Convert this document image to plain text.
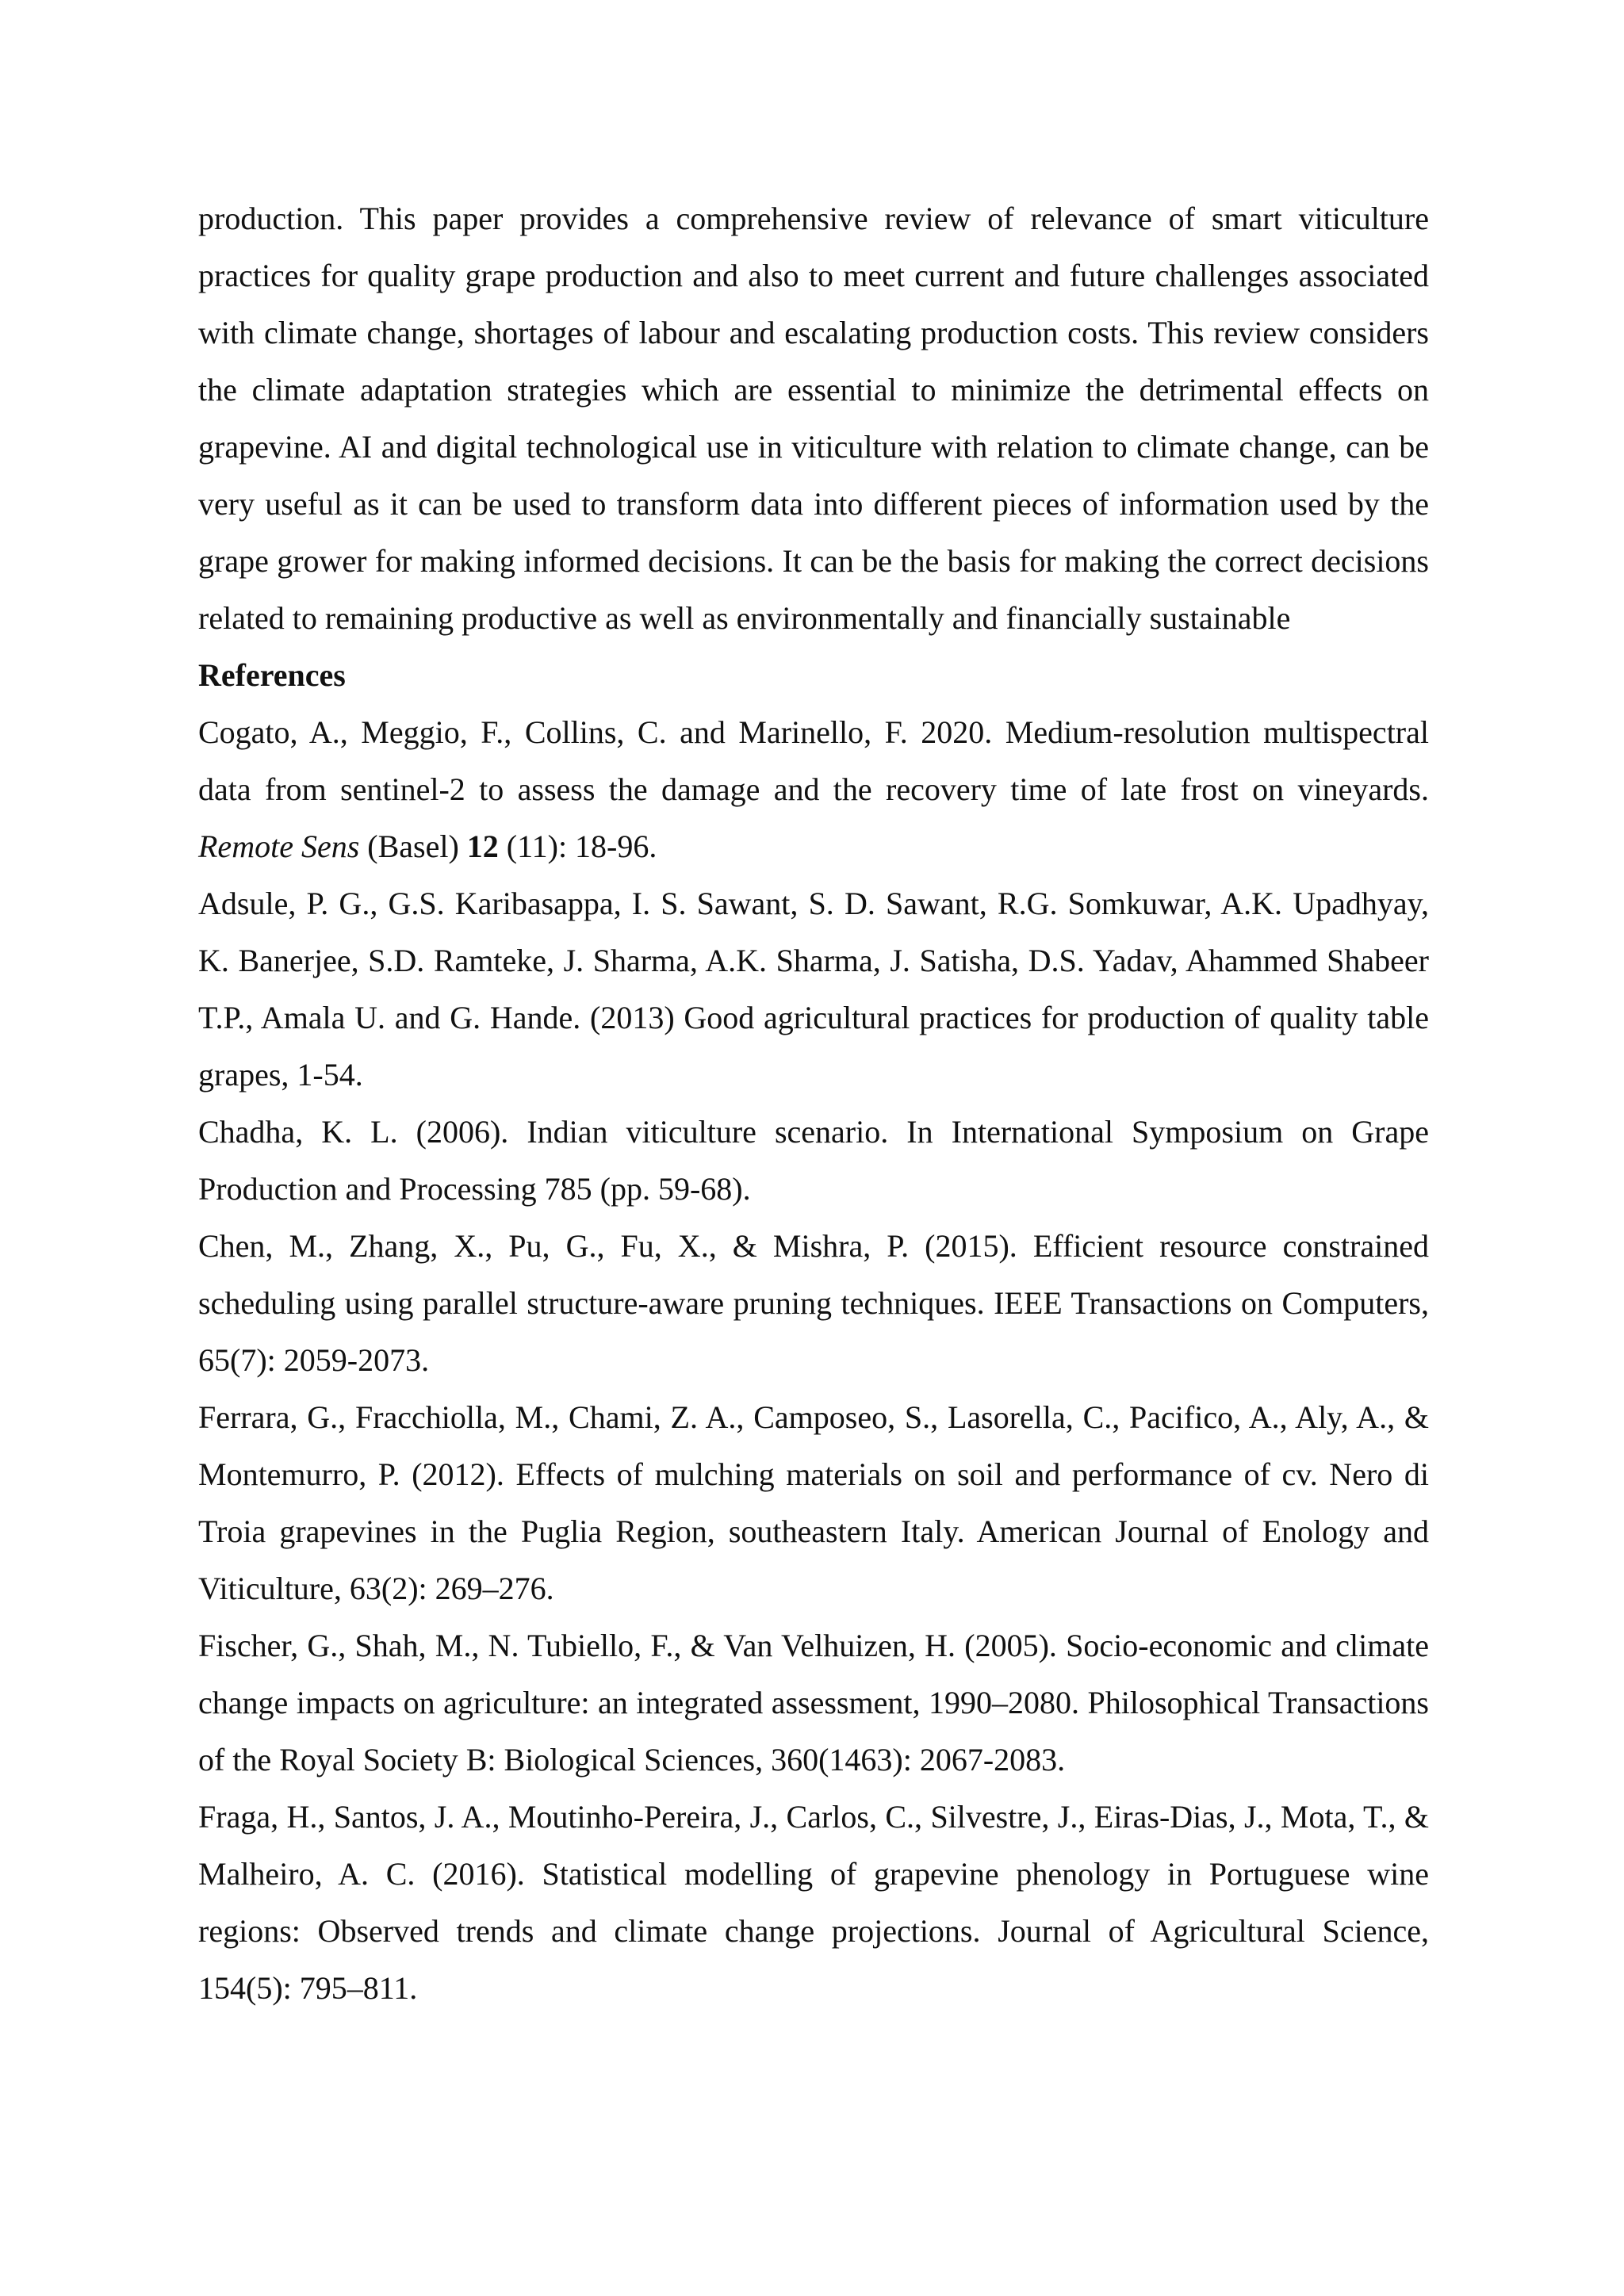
production. This paper provides a comprehensive review of relevance of smart viticulture practices for quality grape production and also to meet current and future challenges associated with climate change, shortages of labour and escalating production costs. This review considers the climate adaptation strategies which are essential to minimize the detrimental effects on grapevine. AI and digital technological use in viticulture with relation to climate change, can be very useful as it can be used to transform data into different pieces of information used by the grape grower for making informed decisions. It can be the basis for making the correct decisions related to remaining productive as well as environmentally and financially sustainable

References

Cogato, A., Meggio, F., Collins, C. and Marinello, F. 2020. Medium-resolution multispectral data from sentinel-2 to assess the damage and the recovery time of late frost on vineyards. Remote Sens (Basel) 12 (11): 18-96.

Adsule, P. G., G.S. Karibasappa, I. S. Sawant, S. D. Sawant, R.G. Somkuwar, A.K. Upadhyay, K. Banerjee, S.D. Ramteke, J. Sharma, A.K. Sharma, J. Satisha, D.S. Yadav, Ahammed Shabeer T.P., Amala U. and G. Hande. (2013) Good agricultural practices for production of quality table grapes, 1-54.

Chadha, K. L. (2006). Indian viticulture scenario. In International Symposium on Grape Production and Processing 785 (pp. 59-68).

Chen, M., Zhang, X., Pu, G., Fu, X., & Mishra, P. (2015). Efficient resource constrained scheduling using parallel structure-aware pruning techniques. IEEE Transactions on Computers, 65(7): 2059-2073.

Ferrara, G., Fracchiolla, M., Chami, Z. A., Camposeo, S., Lasorella, C., Pacifico, A., Aly, A., & Montemurro, P. (2012). Effects of mulching materials on soil and performance of cv. Nero di Troia grapevines in the Puglia Region, southeastern Italy. American Journal of Enology and Viticulture, 63(2): 269–276.

Fischer, G., Shah, M., N. Tubiello, F., & Van Velhuizen, H. (2005). Socio-economic and climate change impacts on agriculture: an integrated assessment, 1990–2080. Philosophical Transactions of the Royal Society B: Biological Sciences, 360(1463): 2067-2083.

Fraga, H., Santos, J. A., Moutinho-Pereira, J., Carlos, C., Silvestre, J., Eiras-Dias, J., Mota, T., & Malheiro, A. C. (2016). Statistical modelling of grapevine phenology in Portuguese wine regions: Observed trends and climate change projections. Journal of Agricultural Science, 154(5): 795–811.
